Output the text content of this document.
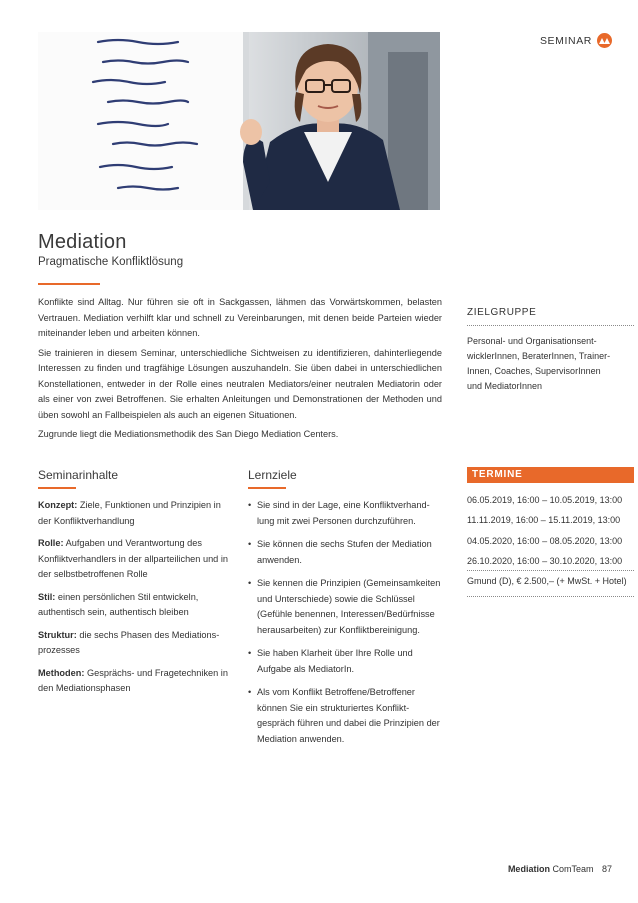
SEMINAR
Mediation
Pragmatische Konfliktlösung

Konflikte sind Alltag. Nur führen sie oft in Sackgassen, lähmen das Vorwärtskommen, belasten Vertrauen. Mediation verhilft klar und schnell zu Vereinbarungen, mit denen beide Parteien wieder miteinander leben und arbeiten können.

Sie trainieren in diesem Seminar, unterschiedliche Sichtweisen zu identifizieren, dahinterliegende Interessen zu finden und tragfähige Lösungen auszuhandeln. Sie üben dabei in unterschiedlichen Konstellationen, entweder in der Rolle eines neutralen Mediators/einer neutralen Mediatorin oder als einer von zwei Betroffenen. Sie erhalten Anleitungen und Demonstrationen der Methoden und üben sowohl an Fallbeispielen als auch an eigenen Situationen.

Zugrunde liegt die Mediationsmethodik des San Diego Mediation Centers.

ZIELGRUPPE
Personal- und Organisationsent-wicklerInnen, BeraterInnen, Trainer-Innen, Coaches, SupervisorInnen und MediatorInnen
Seminarinhalte
Konzept: Ziele, Funktionen und Prinzipien in der Konfliktverhandlung
Rolle: Aufgaben und Verantwortung des Konfliktverhandlers in der allparteilichen und in der selbstbetroffenen Rolle
Stil: einen persönlichen Stil entwickeln, authentisch sein, authentisch bleiben
Struktur: die sechs Phasen des Mediations-prozesses
Methoden: Gesprächs- und Fragetechniken in den Mediationsphasen
Lernziele
• Sie sind in der Lage, eine Konfliktverhand-lung mit zwei Personen durchzuführen.
• Sie können die sechs Stufen der Mediation anwenden.
• Sie kennen die Prinzipien (Gemeinsamkeiten und Unterschiede) sowie die Schlüssel (Gefühle benennen, Interessen/Bedürfnisse herausarbeiten) zur Konfliktbereinigung.
• Sie haben Klarheit über Ihre Rolle und Aufgabe als MediatorIn.
• Als vom Konflikt Betroffene/Betroffener können Sie ein strukturiertes Konflikt-gespräch führen und dabei die Prinzipien der Mediation anwenden.
TERMINE
06.05.2019, 16:00 – 10.05.2019, 13:00
11.11.2019, 16:00 – 15.11.2019, 13:00
04.05.2020, 16:00 – 08.05.2020, 13:00
26.10.2020, 16:00 – 30.10.2020, 13:00
Gmund (D), € 2.500,– (+ MwSt. + Hotel)
Mediation ComTeam 87
